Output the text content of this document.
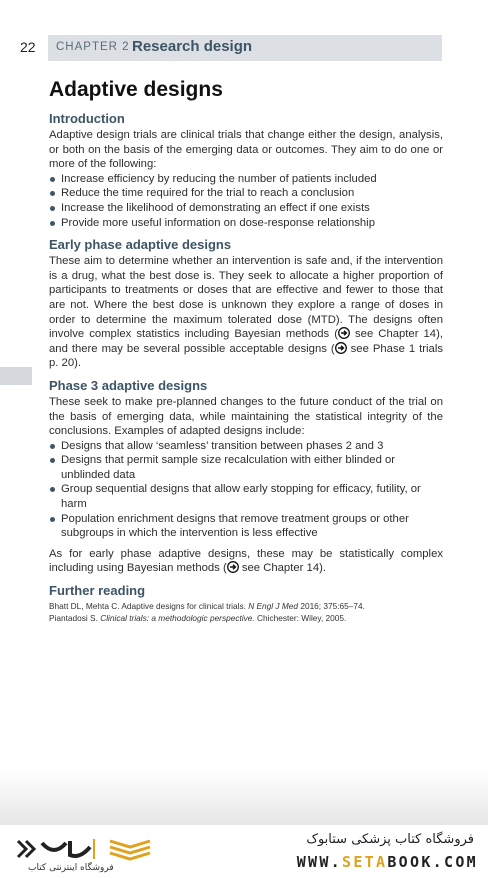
22 CHAPTER 2 Research design
Adaptive designs
Introduction

Adaptive design trials are clinical trials that change either the design, analysis, or both on the basis of the emerging data or outcomes. They aim to do one or more of the following:

Increase efficiency by reducing the number of patients included
Reduce the time required for the trial to reach a conclusion
Increase the likelihood of demonstrating an effect if one exists
Provide more useful information on dose-response relationship
Early phase adaptive designs

These aim to determine whether an intervention is safe and, if the intervention is a drug, what the best dose is. They seek to allocate a higher proportion of participants to treatments or doses that are effective and fewer to those that are not. Where the best dose is unknown they explore a range of doses in order to determine the maximum tolerated dose (MTD). The designs often involve complex statistics including Bayesian methods ( see Chapter 14), and there may be several possible acceptable designs ( see Phase 1 trials p. 20).

Phase 3 adaptive designs

These seek to make pre-planned changes to the future conduct of the trial on the basis of emerging data, while maintaining the statistical integrity of the conclusions. Examples of adapted designs include:

Designs that allow ‘seamless’ transition between phases 2 and 3
Designs that permit sample size recalculation with either blinded or unblinded data
Group sequential designs that allow early stopping for efficacy, futility, or harm
Population enrichment designs that remove treatment groups or other subgroups in which the intervention is less effective

As for early phase adaptive designs, these may be statistically complex including using Bayesian methods ( see Chapter 14).

Further reading
Bhatt DL, Mehta C. Adaptive designs for clinical trials. N Engl J Med 2016; 375:65–74.
Piantadosi S. Clinical trials: a methodologic perspective. Chichester: Wiley, 2005.
فروشگاه اینترنتی کتاب
فروشگاه کتاب پزشکی ستابوک
WWW.SETABOOK.COM
